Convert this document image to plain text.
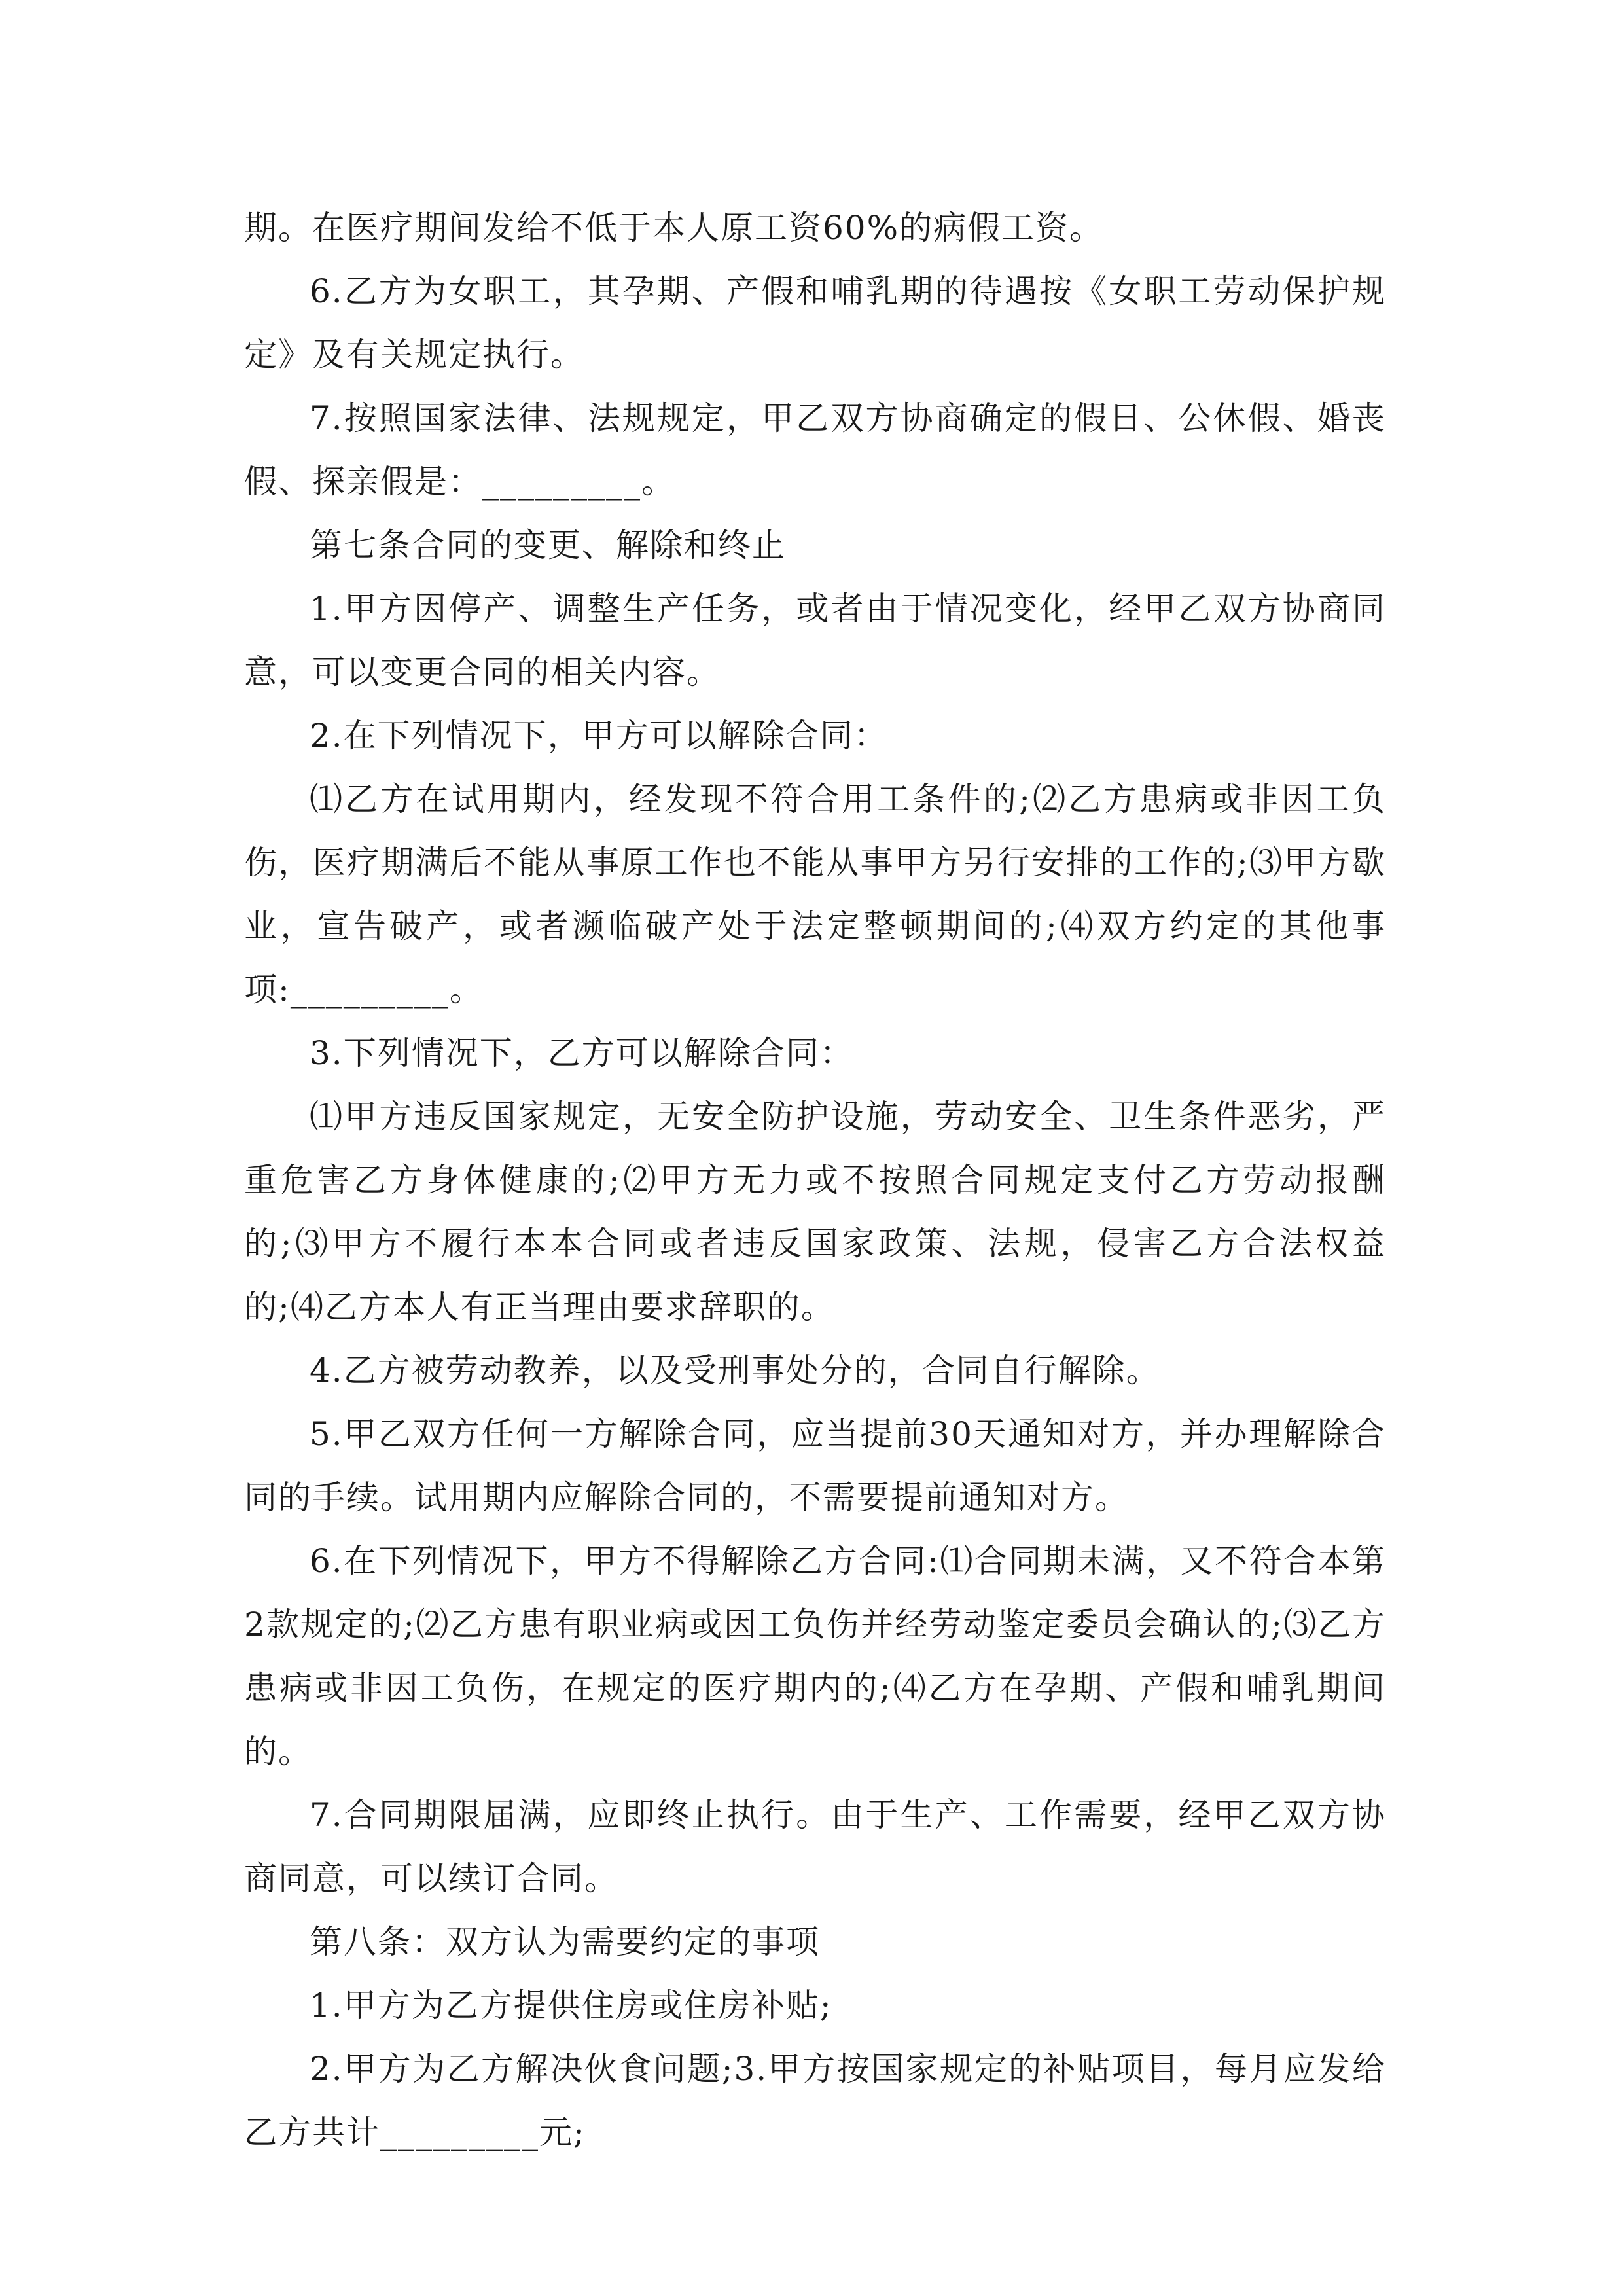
期。在医疗期间发给不低于本人原工资60%的病假工资。

6.乙方为女职工，其孕期、产假和哺乳期的待遇按《女职工劳动保护规定》及有关规定执行。

7.按照国家法律、法规规定，甲乙双方协商确定的假日、公休假、婚丧假、探亲假是：_________。

第七条合同的变更、解除和终止

1.甲方因停产、调整生产任务，或者由于情况变化，经甲乙双方协商同意，可以变更合同的相关内容。

2.在下列情况下，甲方可以解除合同：

⑴乙方在试用期内，经发现不符合用工条件的;⑵乙方患病或非因工负伤，医疗期满后不能从事原工作也不能从事甲方另行安排的工作的;⑶甲方歇业，宣告破产，或者濒临破产处于法定整顿期间的;⑷双方约定的其他事项:_________。

3.下列情况下，乙方可以解除合同：

⑴甲方违反国家规定，无安全防护设施，劳动安全、卫生条件恶劣，严重危害乙方身体健康的;⑵甲方无力或不按照合同规定支付乙方劳动报酬的;⑶甲方不履行本本合同或者违反国家政策、法规，侵害乙方合法权益的;⑷乙方本人有正当理由要求辞职的。

4.乙方被劳动教养，以及受刑事处分的，合同自行解除。

5.甲乙双方任何一方解除合同，应当提前30天通知对方，并办理解除合同的手续。试用期内应解除合同的，不需要提前通知对方。

6.在下列情况下，甲方不得解除乙方合同:⑴合同期未满，又不符合本第2款规定的;⑵乙方患有职业病或因工负伤并经劳动鉴定委员会确认的;⑶乙方患病或非因工负伤，在规定的医疗期内的;⑷乙方在孕期、产假和哺乳期间的。

7.合同期限届满，应即终止执行。由于生产、工作需要，经甲乙双方协商同意，可以续订合同。

第八条：双方认为需要约定的事项

1.甲方为乙方提供住房或住房补贴;

2.甲方为乙方解决伙食问题;3.甲方按国家规定的补贴项目，每月应发给乙方共计_________元;
